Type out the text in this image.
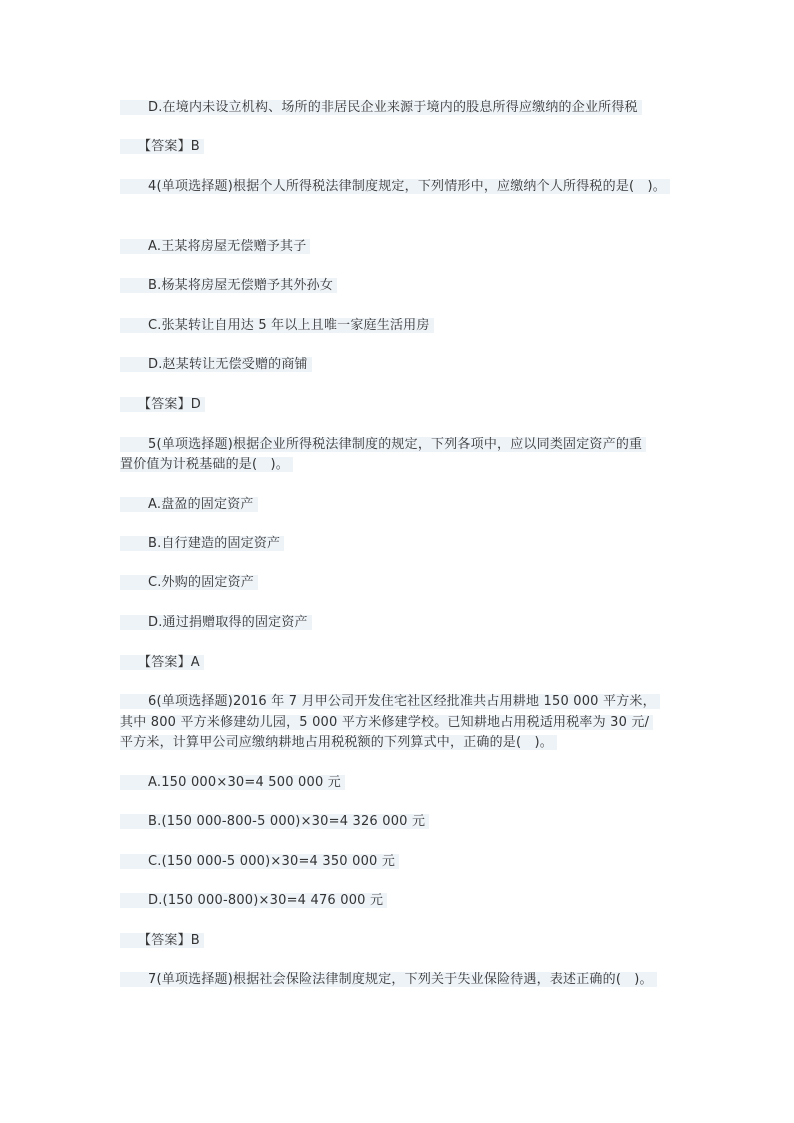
D.在境内未设立机构、场所的非居民企业来源于境内的股息所得应缴纳的企业所得税
【答案】B
4(单项选择题)根据个人所得税法律制度规定，下列情形中，应缴纳个人所得税的是(　)。
A.王某将房屋无偿赠予其子
B.杨某将房屋无偿赠予其外孙女
C.张某转让自用达 5 年以上且唯一家庭生活用房
D.赵某转让无偿受赠的商铺
【答案】D
5(单项选择题)根据企业所得税法律制度的规定，下列各项中，应以同类固定资产的重
置价值为计税基础的是(　)。
A.盘盈的固定资产
B.自行建造的固定资产
C.外购的固定资产
D.通过捐赠取得的固定资产
【答案】A
6(单项选择题)2016 年 7 月甲公司开发住宅社区经批准共占用耕地 150 000 平方米，
其中 800 平方米修建幼儿园，5 000 平方米修建学校。已知耕地占用税适用税率为 30 元/
平方米，计算甲公司应缴纳耕地占用税税额的下列算式中，正确的是(　)。
A.150 000×30=4 500 000 元
B.(150 000-800-5 000)×30=4 326 000 元
C.(150 000-5 000)×30=4 350 000 元
D.(150 000-800)×30=4 476 000 元
【答案】B
7(单项选择题)根据社会保险法律制度规定，下列关于失业保险待遇，表述正确的(　)。
